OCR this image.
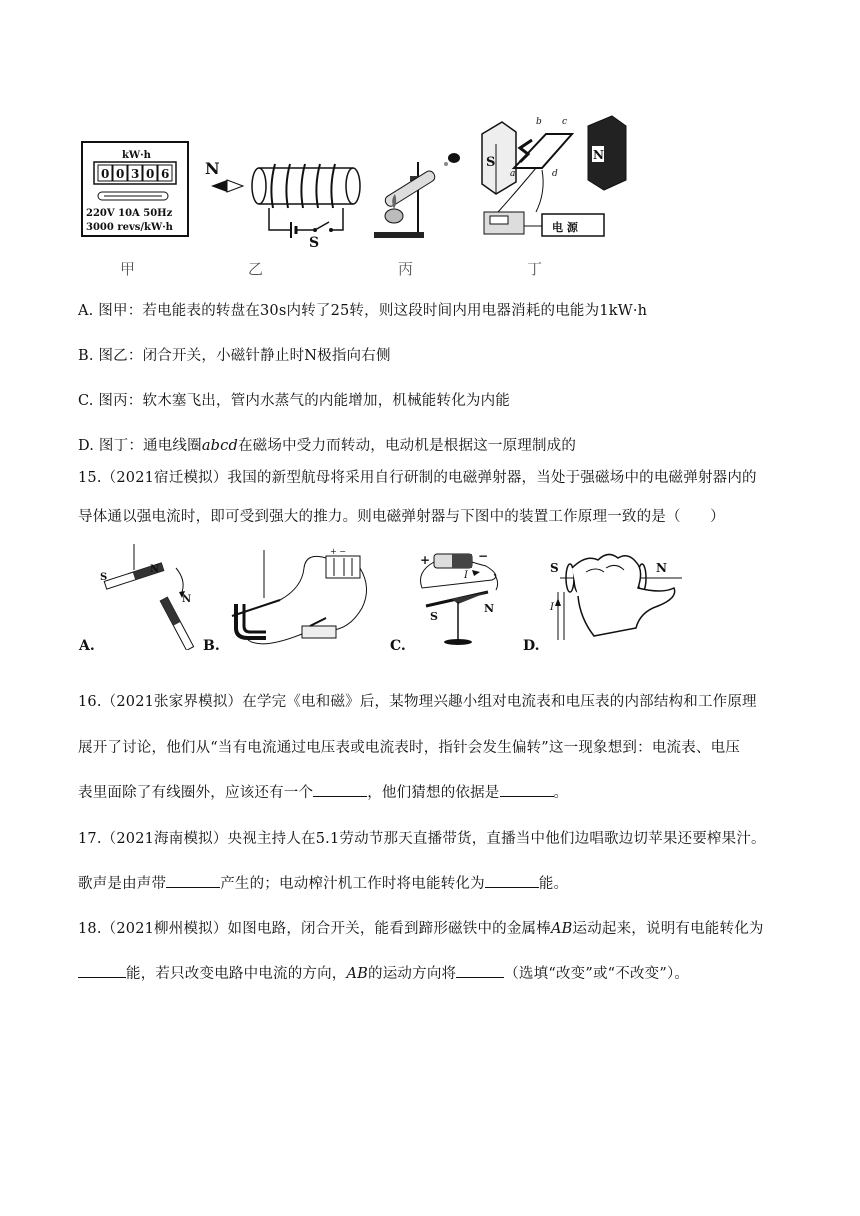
kW·h
0 0 3 0 6
220V 10A 50Hz
3000 revs/kW·h
N
S
S	N
a
b c
d
电 源
甲	乙	丙	丁
A. 图甲：若电能表的转盘在30s内转了25转，则这段时间内用电器消耗的电能为1kW·h
B. 图乙：闭合开关，小磁针静止时N极指向右侧
C. 图丙：软木塞飞出，管内水蒸气的内能增加，机械能转化为内能
D. 图丁：通电线圈abcd在磁场中受力而转动，电动机是根据这一原理制成的
15.（2021宿迁模拟）我国的新型航母将采用自行研制的电磁弹射器，当处于强磁场中的电磁弹射器内的
导体通以强电流时，即可受到强大的推力。则电磁弹射器与下图中的装置工作原理一致的是（　　）
S
N
N
+ −
+	−
I
S
N
S	N
I
A.	B.	C.	D.
16.（2021张家界模拟）在学完《电和磁》后，某物理兴趣小组对电流表和电压表的内部结构和工作原理
展开了讨论，他们从“当有电流通过电压表或电流表时，指针会发生偏转”这一现象想到：电流表、电压
表里面除了有线圈外，应该还有一个	，他们猜想的依据是	。
17.（2021海南模拟）央视主持人在5.1劳动节那天直播带货，直播当中他们边唱歌边切苹果还要榨果汁。
歌声是由声带	产生的；电动榨汁机工作时将电能转化为	能。
18.（2021柳州模拟）如图电路，闭合开关，能看到蹄形磁铁中的金属棒AB运动起来，说明有电能转化为
能，若只改变电路中电流的方向，AB的运动方向将	（选填“改变”或“不改变”）。
